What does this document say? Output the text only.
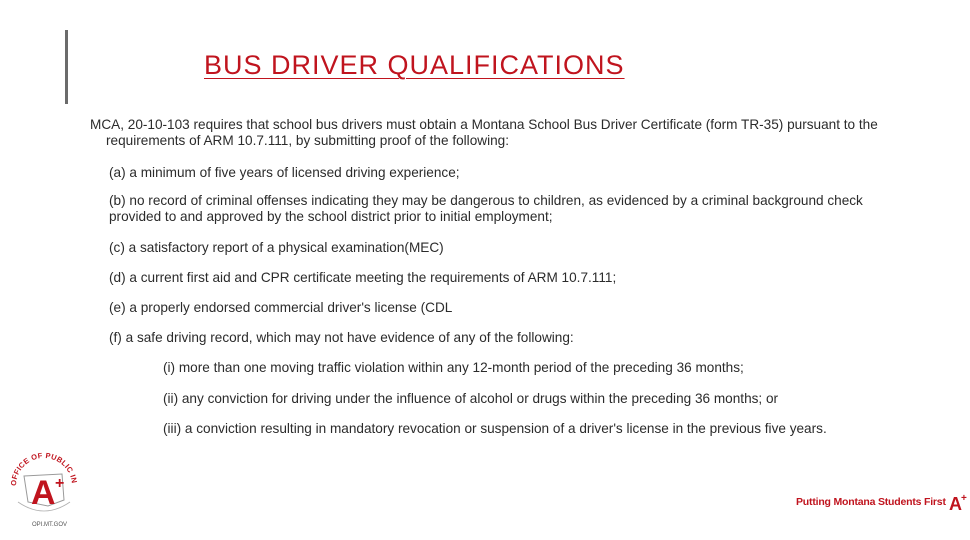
BUS DRIVER QUALIFICATIONS

MCA, 20-10-103 requires that school bus drivers must obtain a Montana School Bus Driver Certificate (form TR-35) pursuant to the requirements of ARM 10.7.111, by submitting proof of the following:

(a) a minimum of five years of licensed driving experience;

(b) no record of criminal offenses indicating they may be dangerous to children, as evidenced by a criminal background check provided to and approved by the school district prior to initial employment;

(c) a satisfactory report of a physical examination(MEC)

(d) a current first aid and CPR certificate meeting the requirements of ARM 10.7.111;

(e) a properly endorsed commercial driver's license (CDL

(f) a safe driving record, which may not have evidence of any of the following:

(i) more than one moving traffic violation within any 12-month period of the preceding 36 months;

(ii) any conviction for driving under the influence of alcohol or drugs within the preceding 36 months; or

(iii) a conviction resulting in mandatory revocation or suspension of a driver's license in the previous five years.

OFFICE OF PUBLIC IN
A +
OPI.MT.GOV
Putting Montana Students First A +
